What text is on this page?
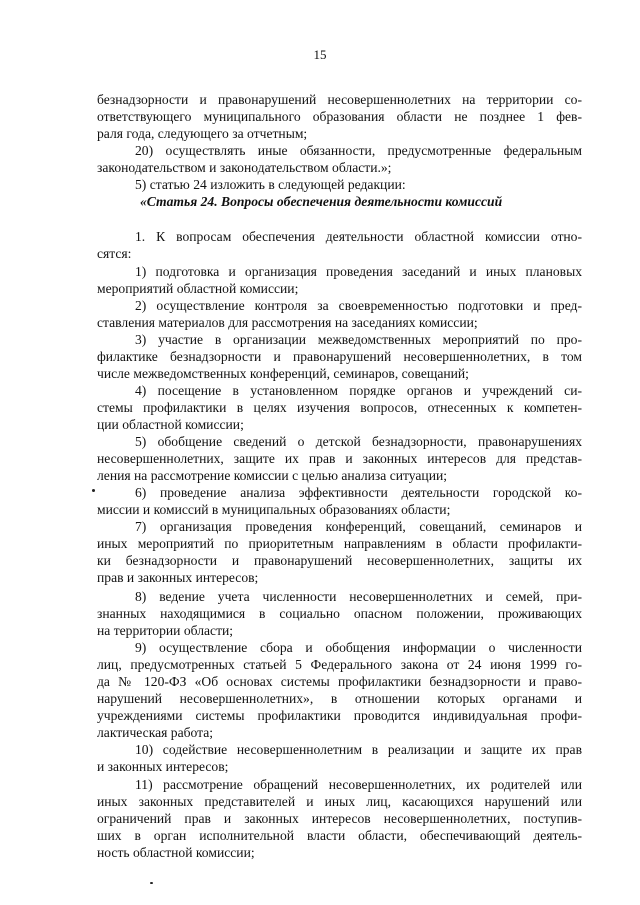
15
безнадзорности и правонарушений несовершеннолетних на территории со-
ответствующего муниципального образования области не позднее 1 фев-
раля года, следующего за отчетным;
20) осуществлять иные обязанности, предусмотренные федеральным
законодательством и законодательством области.»;
5) статью 24 изложить в следующей редакции:
«Статья 24. Вопросы обеспечения деятельности комиссий
1. К вопросам обеспечения деятельности областной комиссии отно-
сятся:
1) подготовка и организация проведения заседаний и иных плановых
мероприятий областной комиссии;
2) осуществление контроля за своевременностью подготовки и пред-
ставления материалов для рассмотрения на заседаниях комиссии;
3) участие в организации межведомственных мероприятий по про-
филактике безнадзорности и правонарушений несовершеннолетних, в том
числе межведомственных конференций, семинаров, совещаний;
4) посещение в установленном порядке органов и учреждений си-
стемы профилактики в целях изучения вопросов, отнесенных к компетен-
ции областной комиссии;
5) обобщение сведений о детской безнадзорности, правонарушениях
несовершеннолетних, защите их прав и законных интересов для представ-
ления на рассмотрение комиссии с целью анализа ситуации;
6) проведение анализа эффективности деятельности городской ко-
миссии и комиссий в муниципальных образованиях области;
7) организация проведения конференций, совещаний, семинаров и
иных мероприятий по приоритетным направлениям в области профилакти-
ки безнадзорности и правонарушений несовершеннолетних, защиты их
прав и законных интересов;
8) ведение учета численности несовершеннолетних и семей, при-
знанных находящимися в социально опасном положении, проживающих
на территории области;
9) осуществление сбора и обобщения информации о численности
лиц, предусмотренных статьей 5 Федерального закона от 24 июня 1999 го-
да № 120-ФЗ «Об основах системы профилактики безнадзорности и право-
нарушений несовершеннолетних», в отношении которых органами и
учреждениями системы профилактики проводится индивидуальная профи-
лактическая работа;
10) содействие несовершеннолетним в реализации и защите их прав
и законных интересов;
11) рассмотрение обращений несовершеннолетних, их родителей или
иных законных представителей и иных лиц, касающихся нарушений или
ограничений прав и законных интересов несовершеннолетних, поступив-
ших в орган исполнительной власти области, обеспечивающий деятель-
ность областной комиссии;
